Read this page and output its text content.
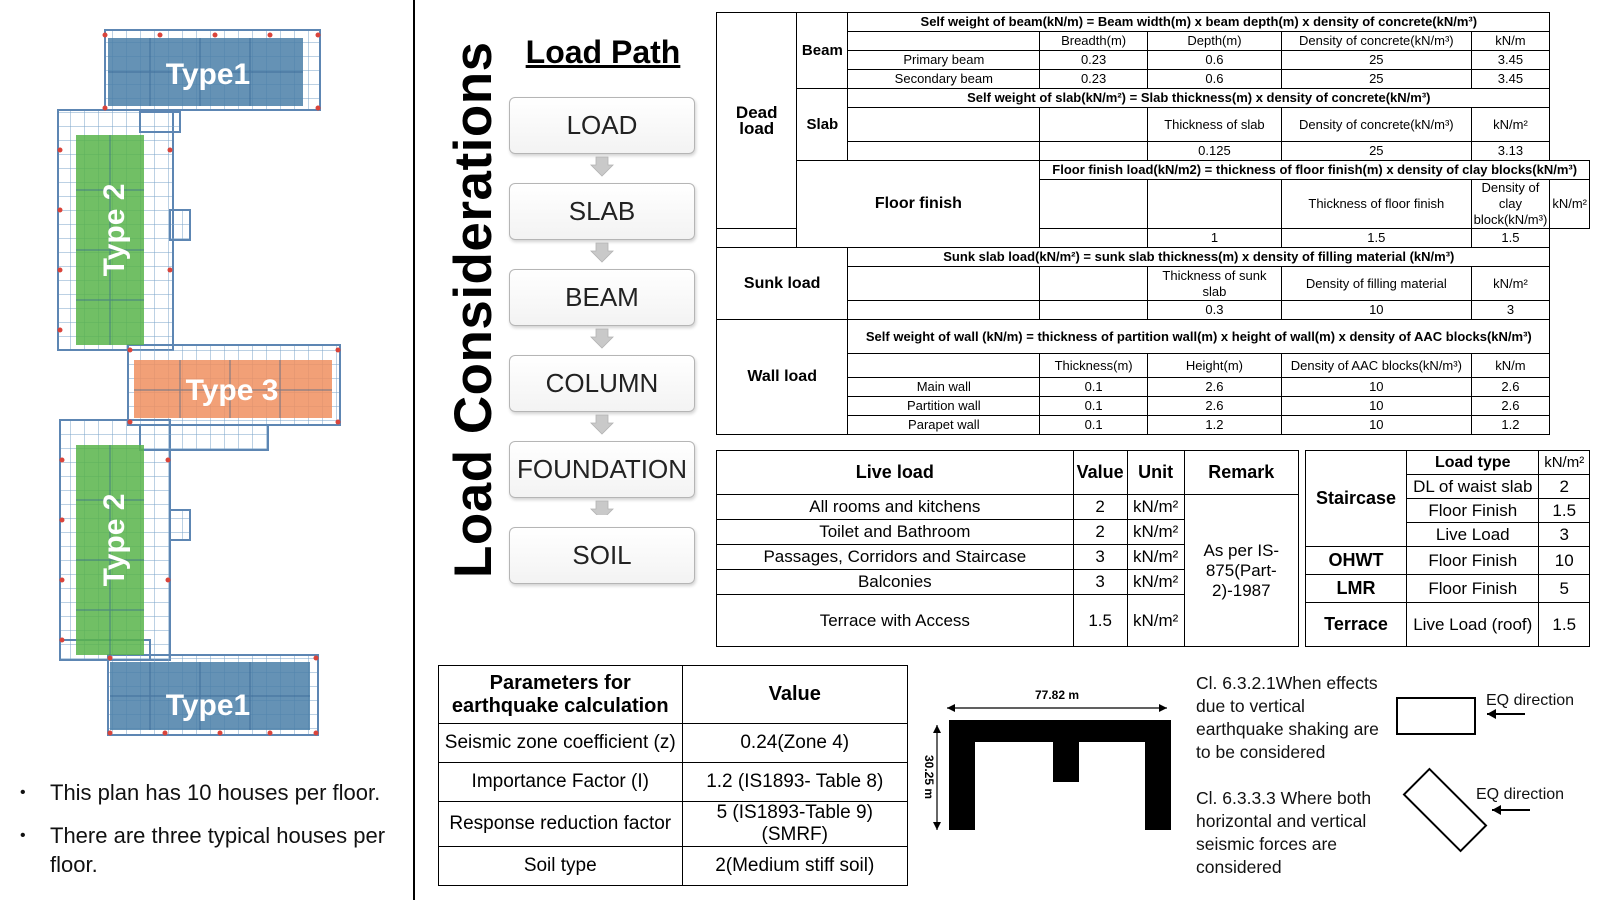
Type1
Type 2
Type 3
Type 2
Type1
• This plan has 10 houses per floor.
• There are three typical houses per floor.
Load Considerations Load Path
LOAD
SLAB
BEAM
COLUMN
FOUNDATION
SOIL
Dead load	Beam	Self weight of beam(kN/m) = Beam width(m) x beam depth(m) x density of concrete(kN/m³)					
			Breadth(m)	Depth(m)	Density of concrete(kN/m³)	kN/m	
		Primary beam	0.23	0.6	25	3.45	
		Secondary beam	0.23	0.6	25	3.45	
	Slab	Self weight of slab(kN/m²) = Slab thickness(m) x density of concrete(kN/m³)					
				Thickness of slab	Density of concrete(kN/m³)	kN/m²	
				0.125	25	3.13	
	Floor finish		Floor finish load(kN/m2) = thickness of floor finish(m) x density of clay blocks(kN/m³)				
					Thickness of floor finish	Density of clay block(kN/m³)	kN/m²
				1	1.5	1.5	
Sunk load		Sunk slab load(kN/m²) = sunk slab thickness(m) x density of filling material (kN/m³)					
				Thickness of sunk slab	Density of filling material	kN/m²	
				0.3	10	3	
Wall load		Self weight of wall (kN/m) = thickness of partition wall(m) x height of wall(m) x density of AAC blocks(kN/m³)					
			Thickness(m)	Height(m)	Density of AAC blocks(kN/m³)	kN/m	
		Main wall	0.1	2.6	10	2.6	
		Partition wall	0.1	2.6	10	2.6	
		Parapet wall	0.1	1.2	10	1.2	
Live load	Value	Unit	Remark
All rooms and kitchens	2	kN/m²	As per IS-875(Part-2)-1987
Toilet and Bathroom	2	kN/m²	
Passages, Corridors and Staircase	3	kN/m²	
Balconies	3	kN/m²	
Terrace with Access	1.5	kN/m²	
Staircase	Load type	kN/m²
	DL of waist slab	2
	Floor Finish	1.5
	Live Load	3
OHWT	Floor Finish	10
LMR	Floor Finish	5
Terrace	Live Load (roof)	1.5
Parameters for earthquake calculation	Value
Seismic zone coefficient (z)	0.24(Zone 4)
Importance Factor (I)	1.2 (IS1893- Table 8)
Response reduction factor	5 (IS1893-Table 9) (SMRF)
Soil type	2(Medium stiff soil)
77.82 m
30.25 m
Cl. 6.3.2.1When effects due to vertical earthquake shaking are to be considered
Cl. 6.3.3.3 Where both horizontal and vertical seismic forces are considered
EQ direction
EQ direction
